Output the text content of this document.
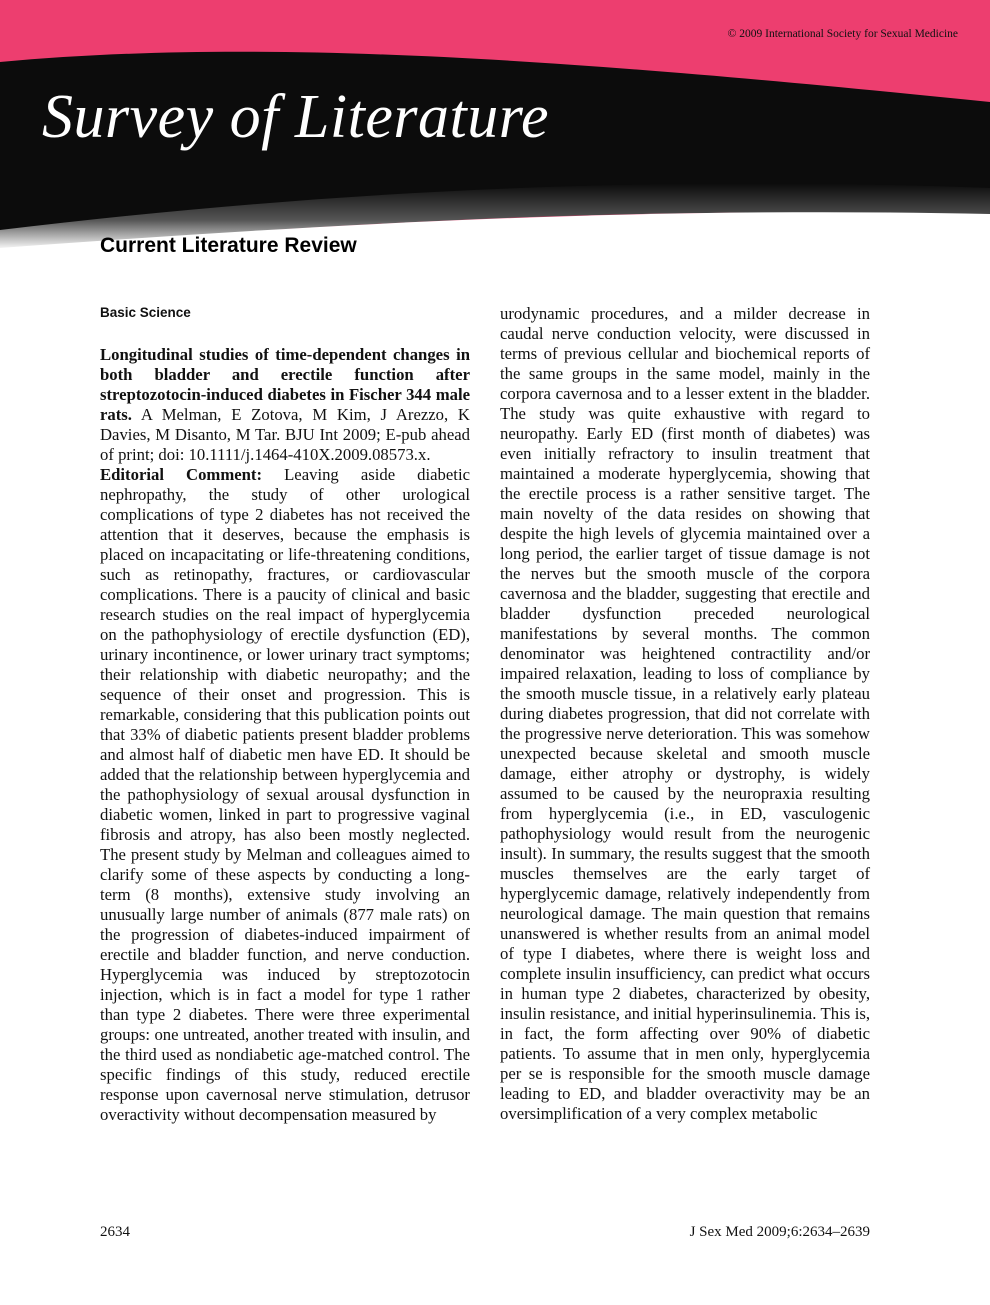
© 2009 International Society for Sexual Medicine
Survey of Literature
Current Literature Review

Basic Science

Longitudinal studies of time-dependent changes in both bladder and erectile function after streptozotocin-induced diabetes in Fischer 344 male rats. A Melman, E Zotova, M Kim, J Arezzo, K Davies, M Disanto, M Tar. BJU Int 2009; E-pub ahead of print; doi: 10.1111/j.1464-410X.2009.08573.x.

Editorial Comment: Leaving aside diabetic nephropathy, the study of other urological complications of type 2 diabetes has not received the attention that it deserves, because the emphasis is placed on incapacitating or life-threatening conditions, such as retinopathy, fractures, or cardiovascular complications. There is a paucity of clinical and basic research studies on the real impact of hyperglycemia on the pathophysiology of erectile dysfunction (ED), urinary incontinence, or lower urinary tract symptoms; their relationship with diabetic neuropathy; and the sequence of their onset and progression. This is remarkable, considering that this publication points out that 33% of diabetic patients present bladder problems and almost half of diabetic men have ED. It should be added that the relationship between hyperglycemia and the pathophysiology of sexual arousal dysfunction in diabetic women, linked in part to progressive vaginal fibrosis and atropy, has also been mostly neglected. The present study by Melman and colleagues aimed to clarify some of these aspects by conducting a long-term (8 months), extensive study involving an unusually large number of animals (877 male rats) on the progression of diabetes-induced impairment of erectile and bladder function, and nerve conduction. Hyperglycemia was induced by streptozotocin injection, which is in fact a model for type 1 rather than type 2 diabetes. There were three experimental groups: one untreated, another treated with insulin, and the third used as nondiabetic age-matched control. The specific findings of this study, reduced erectile response upon cavernosal nerve stimulation, detrusor overactivity without decompensation measured by

urodynamic procedures, and a milder decrease in caudal nerve conduction velocity, were discussed in terms of previous cellular and biochemical reports of the same groups in the same model, mainly in the corpora cavernosa and to a lesser extent in the bladder. The study was quite exhaustive with regard to neuropathy. Early ED (first month of diabetes) was even initially refractory to insulin treatment that maintained a moderate hyperglycemia, showing that the erectile process is a rather sensitive target. The main novelty of the data resides on showing that despite the high levels of glycemia maintained over a long period, the earlier target of tissue damage is not the nerves but the smooth muscle of the corpora cavernosa and the bladder, suggesting that erectile and bladder dysfunction preceded neurological manifestations by several months. The common denominator was heightened contractility and/or impaired relaxation, leading to loss of compliance by the smooth muscle tissue, in a relatively early plateau during diabetes progression, that did not correlate with the progressive nerve deterioration. This was somehow unexpected because skeletal and smooth muscle damage, either atrophy or dystrophy, is widely assumed to be caused by the neuropraxia resulting from hyperglycemia (i.e., in ED, vasculogenic pathophysiology would result from the neurogenic insult). In summary, the results suggest that the smooth muscles themselves are the early target of hyperglycemic damage, relatively independently from neurological damage. The main question that remains unanswered is whether results from an animal model of type I diabetes, where there is weight loss and complete insulin insufficiency, can predict what occurs in human type 2 diabetes, characterized by obesity, insulin resistance, and initial hyperinsulinemia. This is, in fact, the form affecting over 90% of diabetic patients. To assume that in men only, hyperglycemia per se is responsible for the smooth muscle damage leading to ED, and bladder overactivity may be an oversimplification of a very complex metabolic

2634	J Sex Med 2009;6:2634–2639
